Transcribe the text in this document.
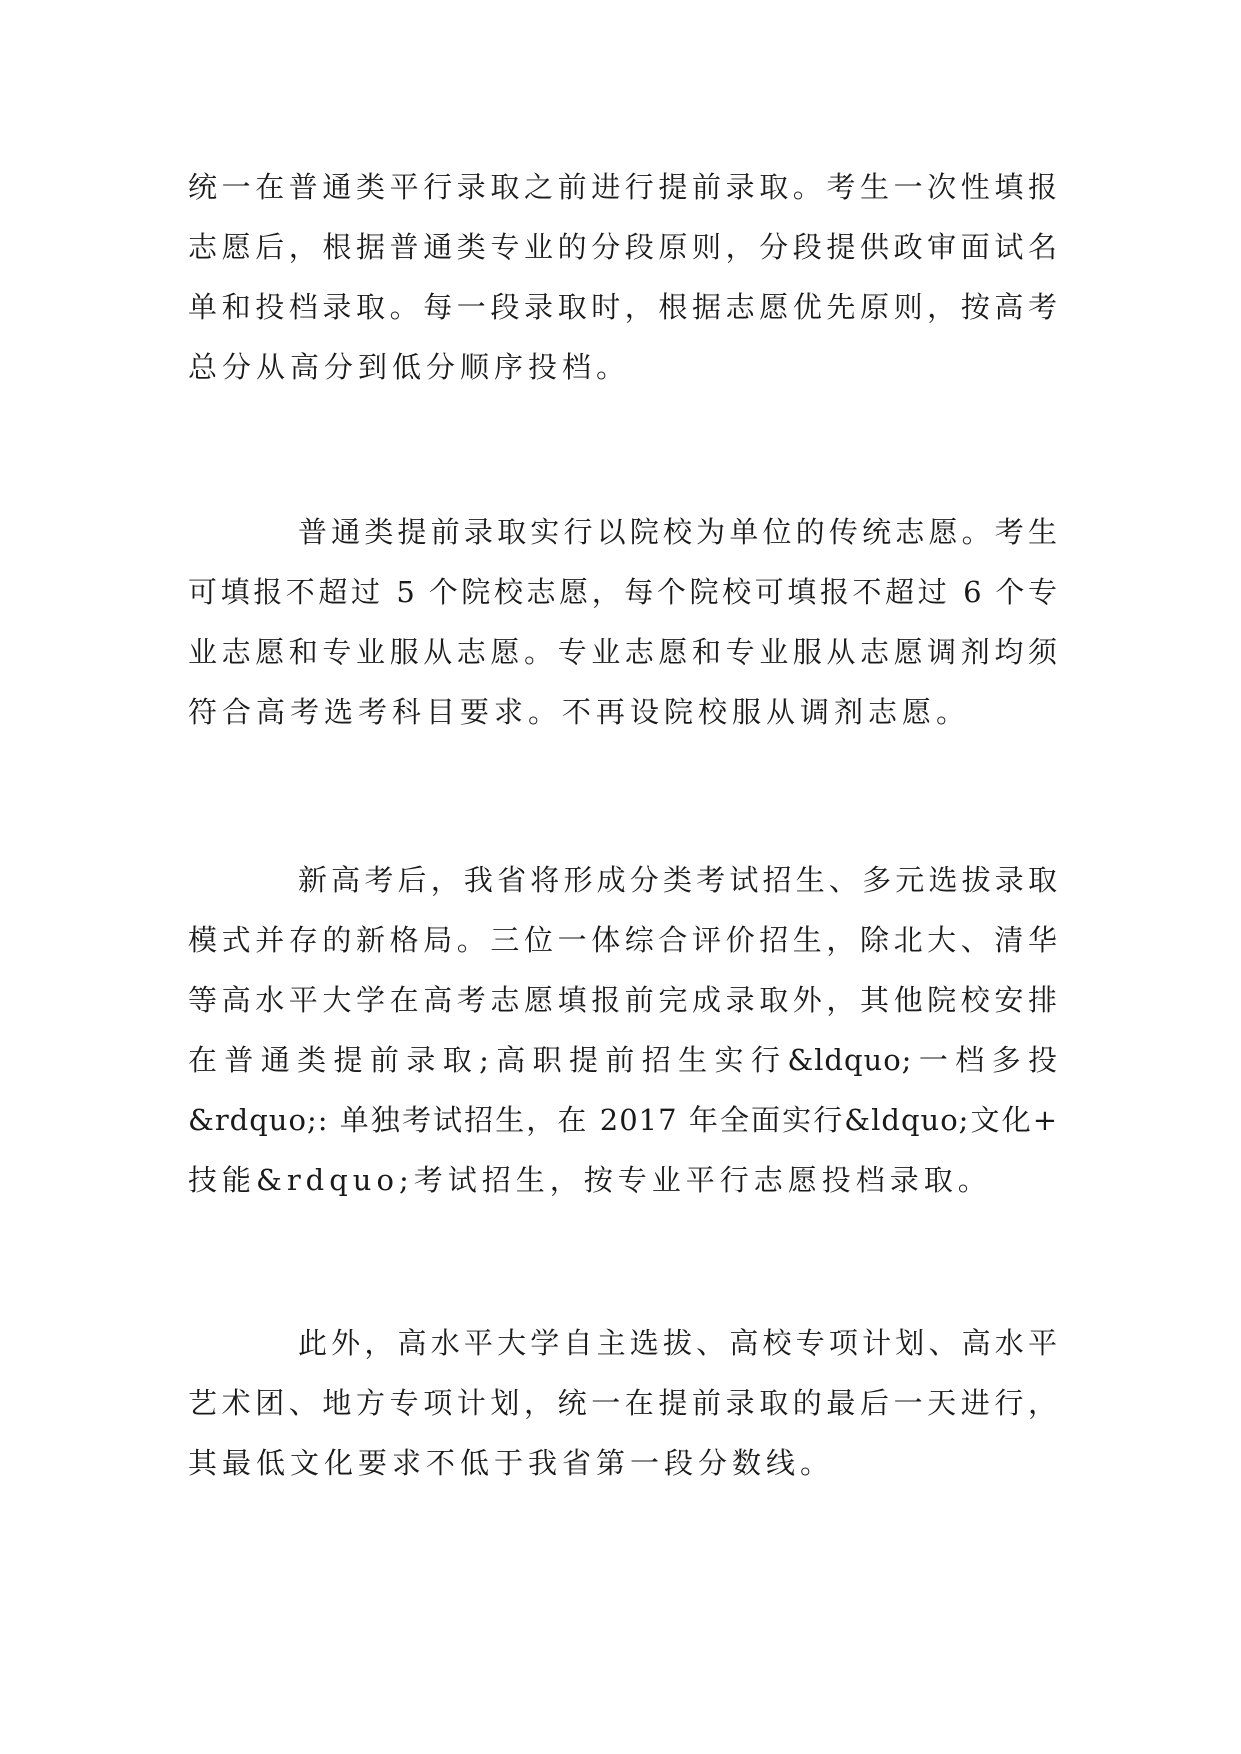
统一在普通类平行录取之前进行提前录取。考生一次性填报
志愿后，根据普通类专业的分段原则，分段提供政审面试名
单和投档录取。每一段录取时，根据志愿优先原则，按高考
总分从高分到低分顺序投档。
普通类提前录取实行以院校为单位的传统志愿。考生
可填报不超过 5 个院校志愿，每个院校可填报不超过 6 个专
业志愿和专业服从志愿。专业志愿和专业服从志愿调剂均须
符合高考选考科目要求。不再设院校服从调剂志愿。
新高考后，我省将形成分类考试招生、多元选拔录取
模式并存的新格局。三位一体综合评价招生，除北大、清华
等高水平大学在高考志愿填报前完成录取外，其他院校安排
在普通类提前录取;高职提前招生实行&ldquo;一档多投
&rdquo;: 单独考试招生，在 2017 年全面实行&ldquo;文化+
技能&rdquo;考试招生，按专业平行志愿投档录取。
此外，高水平大学自主选拔、高校专项计划、高水平
艺术团、地方专项计划，统一在提前录取的最后一天进行，
其最低文化要求不低于我省第一段分数线。
